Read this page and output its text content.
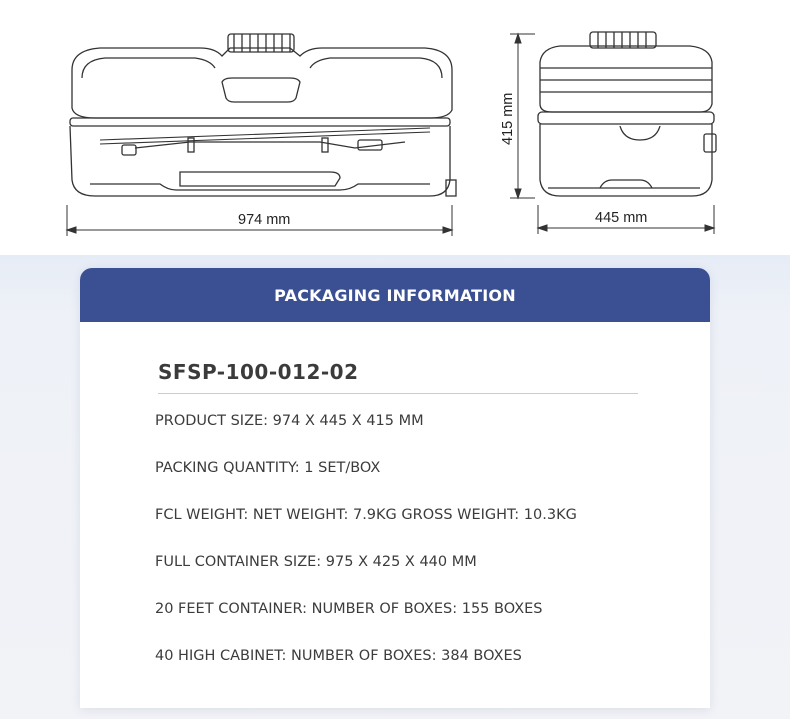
974 mm	445 mm
415 mm
PACKAGING INFORMATION
SFSP-100-012-02
PRODUCT SIZE: 974 X 445 X 415 MM
PACKING QUANTITY: 1 SET/BOX
FCL WEIGHT: NET WEIGHT: 7.9KG GROSS WEIGHT: 10.3KG
FULL CONTAINER SIZE: 975 X 425 X 440 MM
20 FEET CONTAINER: NUMBER OF BOXES: 155 BOXES
40 HIGH CABINET: NUMBER OF BOXES: 384 BOXES
